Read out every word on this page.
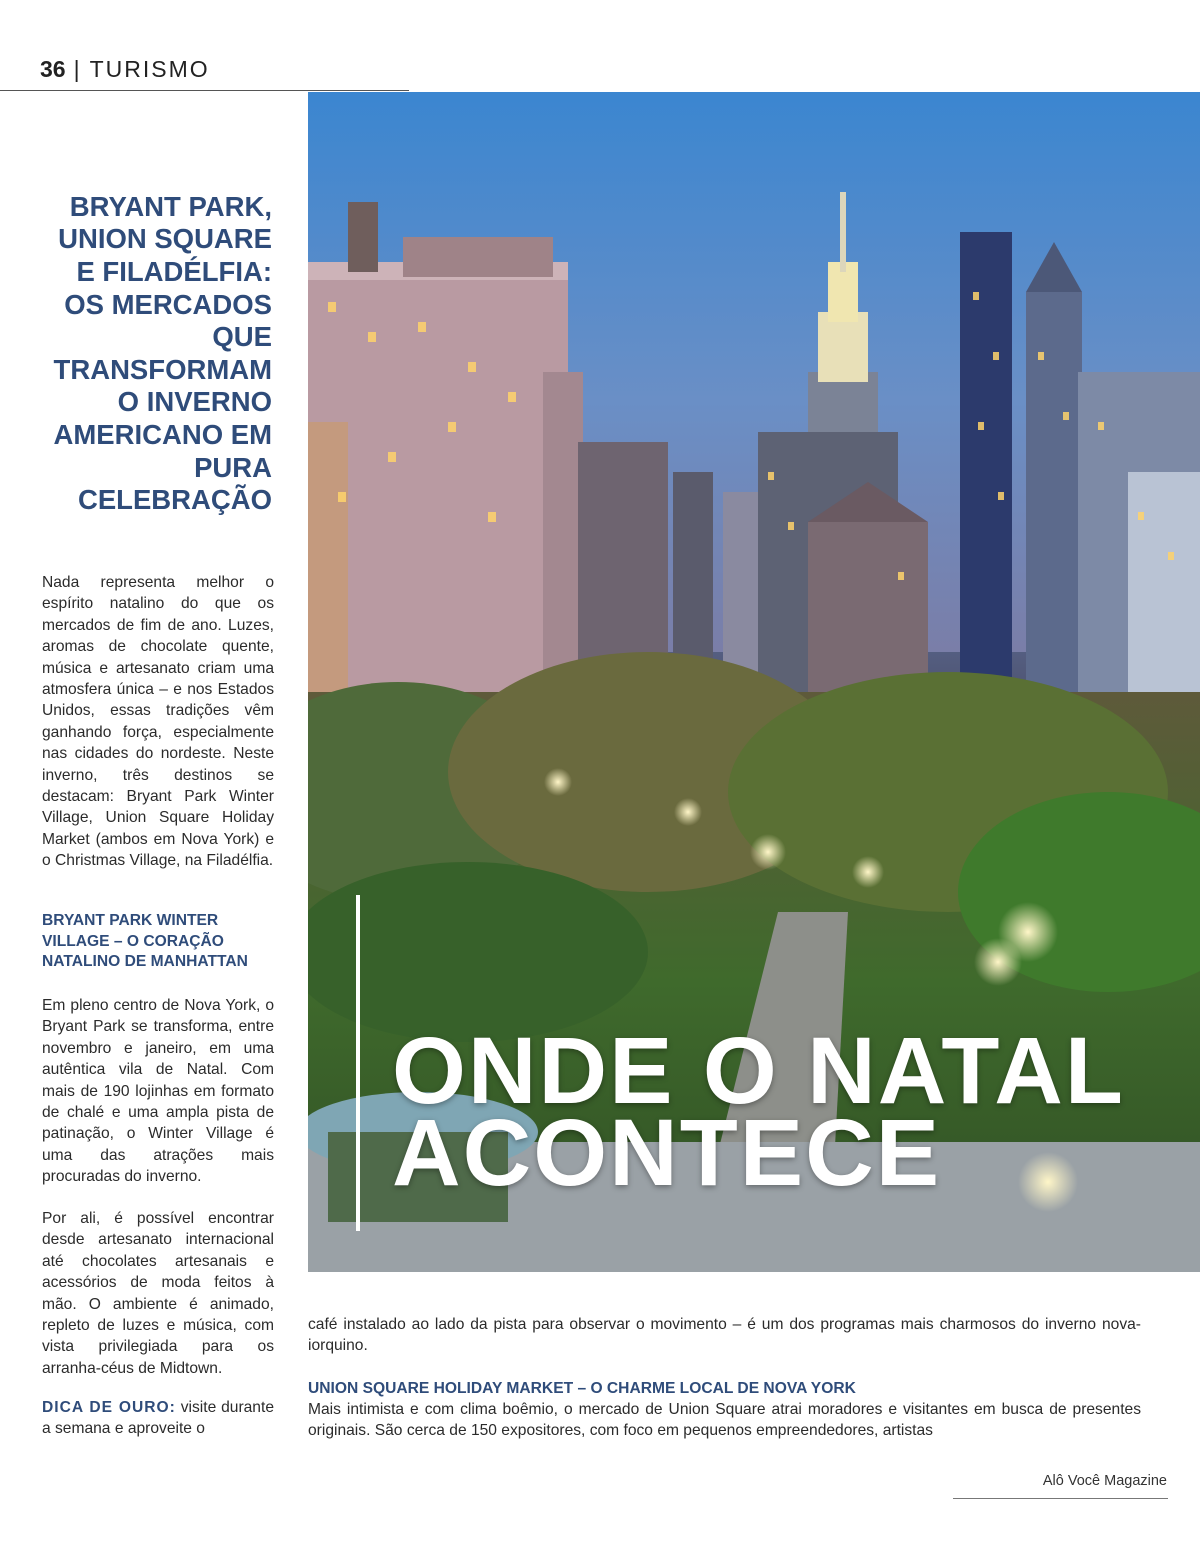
36 | TURISMO
ONDE O NATAL
ACONTECE
BRYANT PARK, UNION SQUARE E FILADÉLFIA: OS MERCADOS QUE TRANSFORMAM O INVERNO AMERICANO EM PURA CELEBRAÇÃO

Nada representa melhor o espírito natalino do que os mercados de fim de ano. Luzes, aromas de chocolate quente, música e artesanato criam uma atmosfera única – e nos Estados Unidos, essas tradições vêm ganhando força, especialmente nas cidades do nordeste. Neste inverno, três destinos se destacam: Bryant Park Winter Village, Union Square Holiday Market (ambos em Nova York) e o Christmas Village, na Filadélfia.

BRYANT PARK WINTER VILLAGE – O CORAÇÃO NATALINO DE MANHATTAN

Em pleno centro de Nova York, o Bryant Park se transforma, entre novembro e janeiro, em uma autêntica vila de Natal. Com mais de 190 lojinhas em formato de chalé e uma ampla pista de patinação, o Winter Village é uma das atrações mais procuradas do inverno.

Por ali, é possível encontrar desde artesanato internacional até chocolates artesanais e acessórios de moda feitos à mão. O ambiente é animado, repleto de luzes e música, com vista privilegiada para os arranha-céus de Midtown.

DICA DE OURO: visite durante a semana e aproveite o

café instalado ao lado da pista para observar o movimento – é um dos programas mais charmosos do inverno nova-iorquino.

UNION SQUARE HOLIDAY MARKET – O CHARME LOCAL DE NOVA YORK

Mais intimista e com clima boêmio, o mercado de Union Square atrai moradores e visitantes em busca de presentes originais. São cerca de 150 expositores, com foco em pequenos empreendedores, artistas

Alô Você Magazine
